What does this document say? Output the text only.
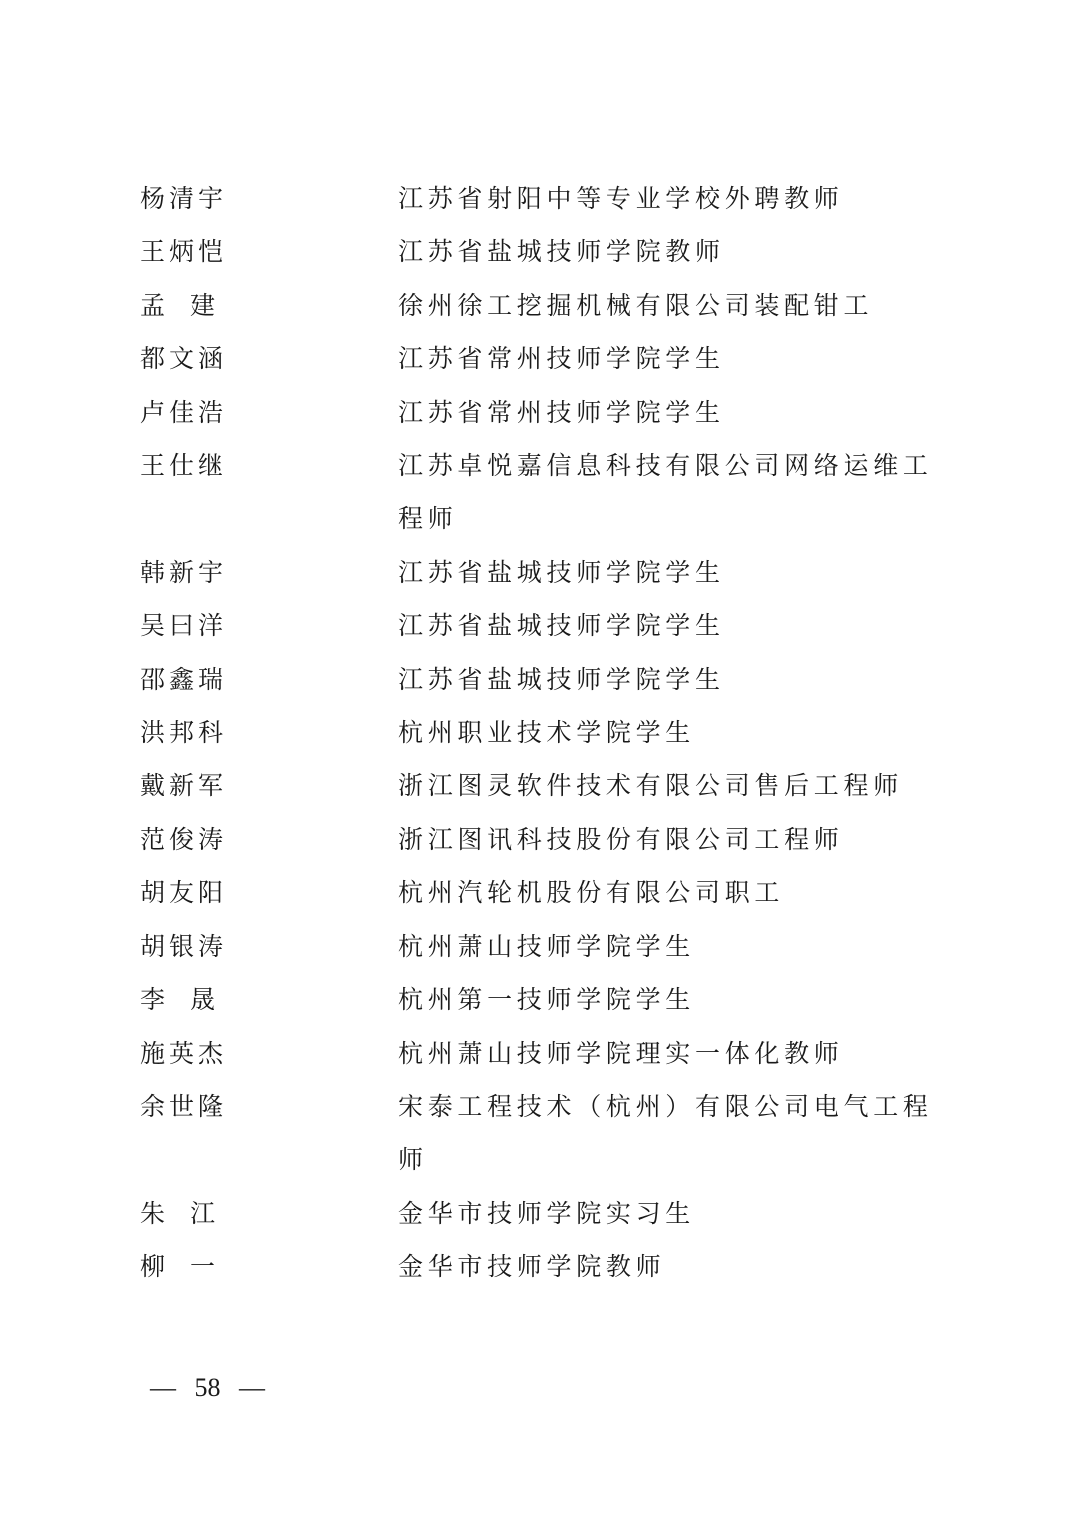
杨清宇	江苏省射阳中等专业学校外聘教师
王炳恺	江苏省盐城技师学院教师
孟　建	徐州徐工挖掘机械有限公司装配钳工
都文涵	江苏省常州技师学院学生
卢佳浩	江苏省常州技师学院学生
王仕继	江苏卓悦嘉信息科技有限公司网络运维工程师
韩新宇	江苏省盐城技师学院学生
吴曰洋	江苏省盐城技师学院学生
邵鑫瑞	江苏省盐城技师学院学生
洪邦科	杭州职业技术学院学生
戴新军	浙江图灵软件技术有限公司售后工程师
范俊涛	浙江图讯科技股份有限公司工程师
胡友阳	杭州汽轮机股份有限公司职工
胡银涛	杭州萧山技师学院学生
李　晟	杭州第一技师学院学生
施英杰	杭州萧山技师学院理实一体化教师
余世隆	宋泰工程技术（杭州）有限公司电气工程师
朱　江	金华市技师学院实习生
柳　一	金华市技师学院教师
— 58 —
